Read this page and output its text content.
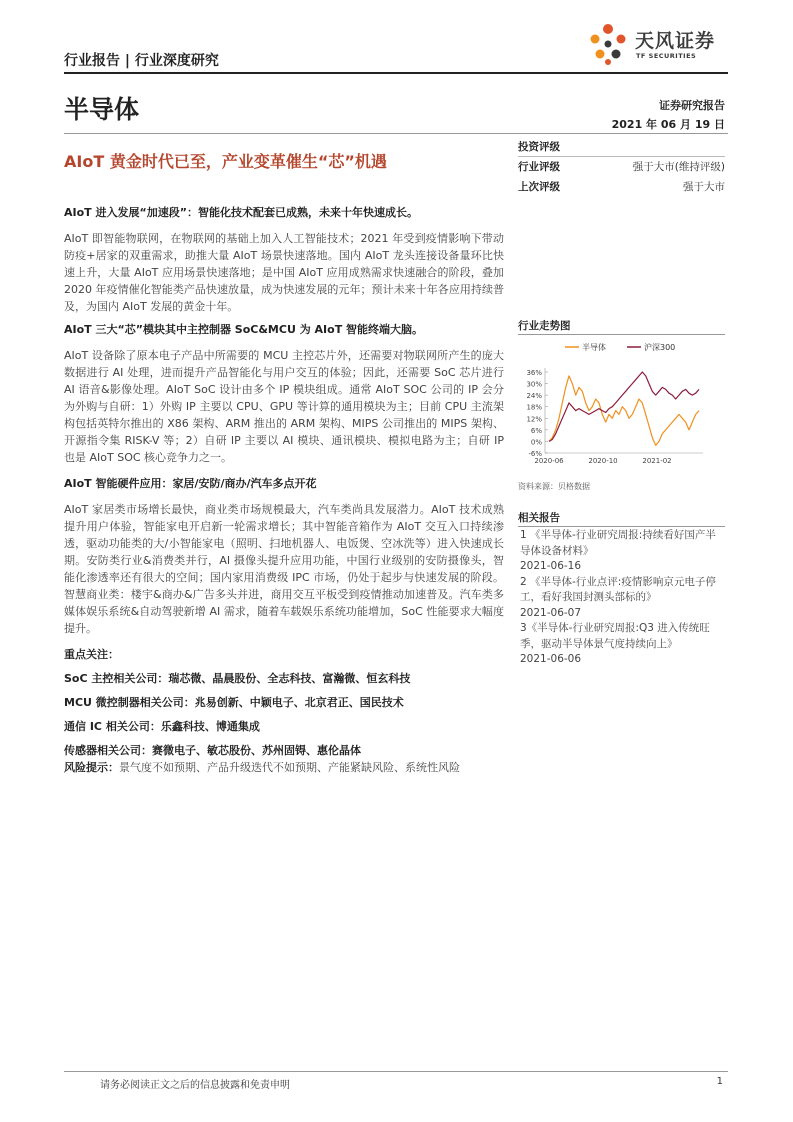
行业报告 | 行业深度研究
天风证券
TF SECURITIES
半导体	证券研究报告
2021 年 06 月 19 日
AIoT 黄金时代已至，产业变革催生“芯”机遇
投资评级
行业评级	强于大市(维持评级)
上次评级	强于大市
AIoT 进入发展“加速段”：智能化技术配套已成熟，未来十年快速成长。

AIoT 即智能物联网，在物联网的基础上加入人工智能技术；2021 年受到疫情影响下带动防疫+居家的双重需求，助推大量 AIoT 场景快速落地。国内 AIoT 龙头连接设备量环比快速上升，大量 AIoT 应用场景快速落地；是中国 AIoT 应用成熟需求快速融合的阶段，叠加 2020 年疫情催化智能类产品快速放量，成为快速发展的元年；预计未来十年各应用持续普及，为国内 AIoT 发展的黄金十年。

AIoT 三大“芯”模块其中主控制器 SoC&MCU 为 AIoT 智能终端大脑。

AIoT 设备除了原本电子产品中所需要的 MCU 主控芯片外，还需要对物联网所产生的庞大数据进行 AI 处理，进而提升产品智能化与用户交互的体验；因此，还需要 SoC 芯片进行 AI 语音&影像处理。AIoT SoC 设计由多个 IP 模块组成。通常 AIoT SOC 公司的 IP 会分为外购与自研：1）外购 IP 主要以 CPU、GPU 等计算的通用模块为主；目前 CPU 主流架构包括英特尔推出的 X86 架构、ARM 推出的 ARM 架构、MIPS 公司推出的 MIPS 架构、开源指令集 RISK-V 等；2）自研 IP 主要以 AI 模块、通讯模块、模拟电路为主；自研 IP 也是 AIoT SOC 核心竞争力之一。

AIoT 智能硬件应用：家居/安防/商办/汽车多点开花

AIoT 家居类市场增长最快，商业类市场规模最大，汽车类尚具发展潜力。AIoT 技术成熟提升用户体验，智能家电开启新一轮需求增长；其中智能音箱作为 AIoT 交互入口持续渗透，驱动功能类的大/小智能家电（照明、扫地机器人、电饭煲、空冰洗等）进入快速成长期。安防类行业&消费类并行，AI 摄像头提升应用功能，中国行业级别的安防摄像头，智能化渗透率还有很大的空间；国内家用消费级 IPC 市场，仍处于起步与快速发展的阶段。智慧商业类：楼宇&商办&广告多头并进，商用交互平板受到疫情推动加速普及。汽车类多媒体娱乐系统&自动驾驶新增 AI 需求，随着车载娱乐系统功能增加，SoC 性能要求大幅度提升。

重点关注：
SoC 主控相关公司：瑞芯微、晶晨股份、全志科技、富瀚微、恒玄科技
MCU 微控制器相关公司：兆易创新、中颖电子、北京君正、国民技术
通信 IC 相关公司：乐鑫科技、博通集成
传感器相关公司：赛微电子、敏芯股份、苏州固锝、惠伦晶体

风险提示：景气度不如预期、产品升级迭代不如预期、产能紧缺风险、系统性风险

行业走势图
-6%
0%
6%
12%
18%
24%
30%
36%
2020-06	2020-10	2021-02
半导体	沪深300
资料来源：贝格数据
相关报告
1 《半导体-行业研究周报:持续看好国产半导体设备材料》
2021-06-16
2 《半导体-行业点评:疫情影响京元电子停工，看好我国封测头部标的》
2021-06-07
3《半导体-行业研究周报:Q3 进入传统旺季，驱动半导体景气度持续向上》
2021-06-06
请务必阅读正文之后的信息披露和免责申明	1
